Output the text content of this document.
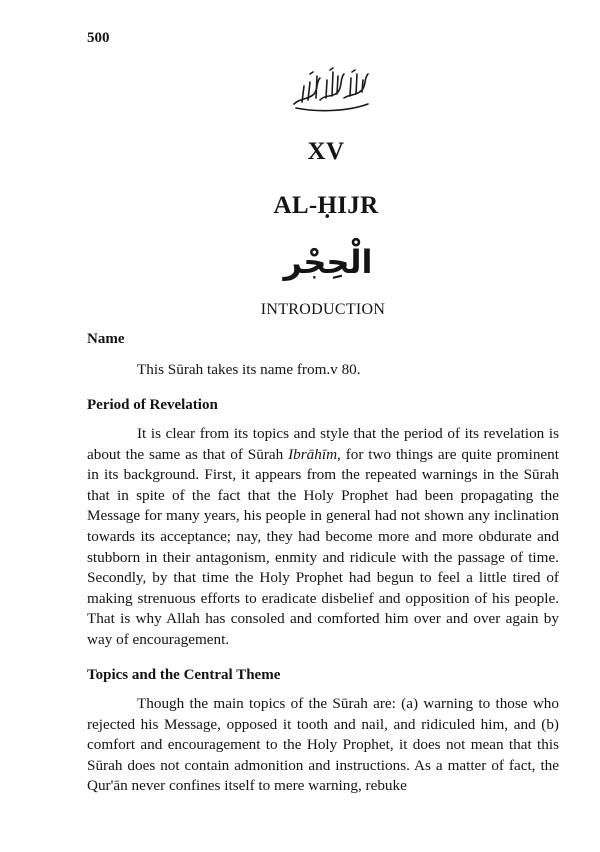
500
XV
AL-ḤIJR
الْحِجْر
INTRODUCTION
Name
This Sūrah takes its name from.v 80.
Period of Revelation

It is clear from its topics and style that the period of its revelation is about the same as that of Sūrah Ibrāhīm, for two things are quite prominent in its background. First, it appears from the repeated warnings in the Sūrah that in spite of the fact that the Holy Prophet had been propagating the Message for many years, his people in general had not shown any inclination towards its acceptance; nay, they had become more and more obdurate and stubborn in their antagonism, enmity and ridicule with the passage of time. Secondly, by that time the Holy Prophet had begun to feel a little tired of making strenuous efforts to eradicate disbelief and opposition of his people. That is why Allah has consoled and comforted him over and over again by way of encouragement.

Topics and the Central Theme

Though the main topics of the Sūrah are: (a) warning to those who rejected his Message, opposed it tooth and nail, and ridiculed him, and (b) comfort and encouragement to the Holy Prophet, it does not mean that this Sūrah does not contain admonition and instructions. As a matter of fact, the Qur'ān never confines itself to mere warning, rebuke
